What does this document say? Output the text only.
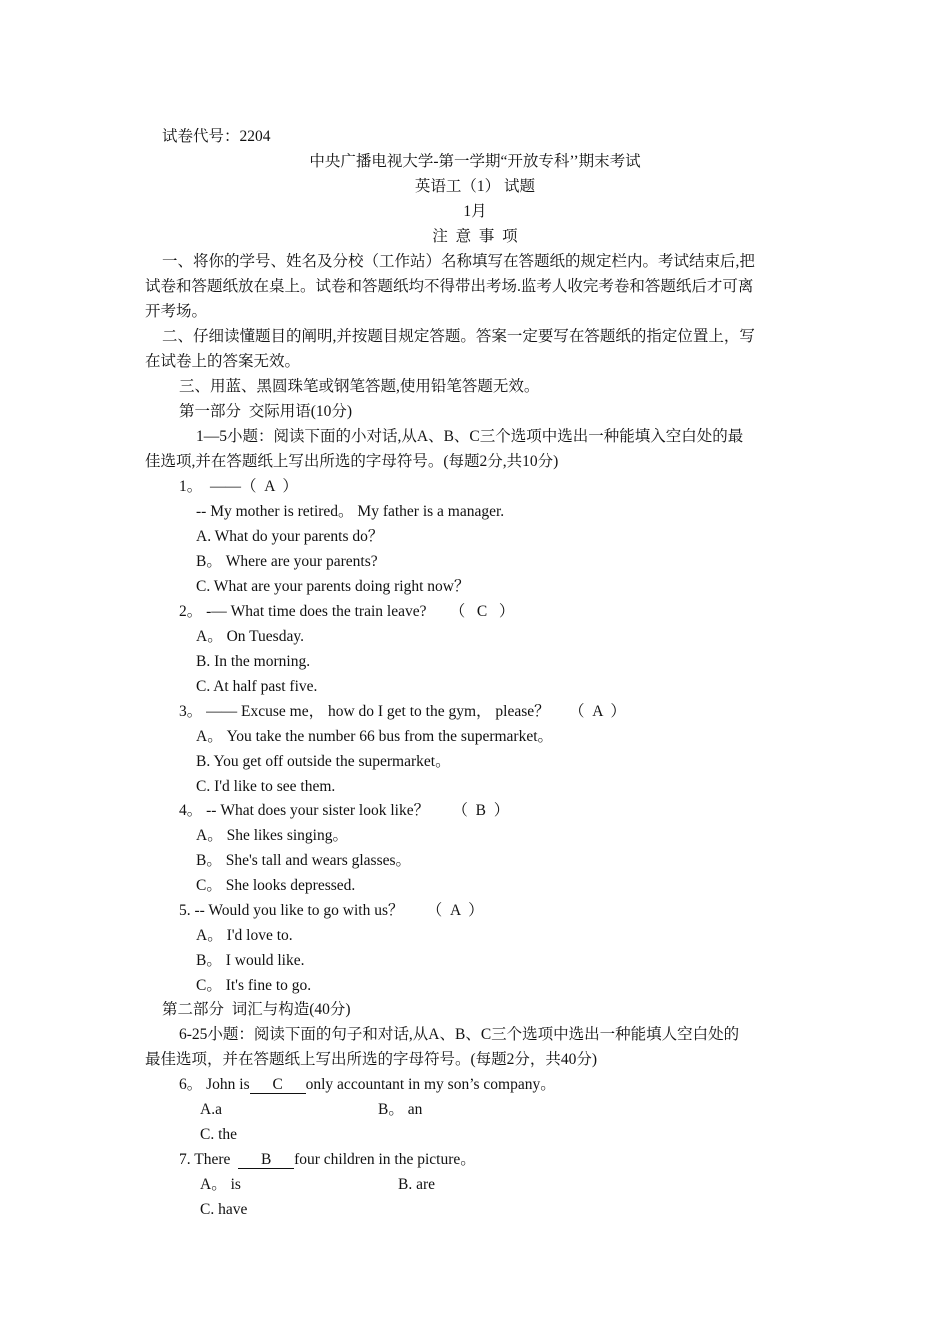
试卷代号：2204
中央广播电视大学-第一学期“开放专科’’期末考试
英语工（1） 试题
1月
注  意  事  项
一、将你的学号、姓名及分校（工作站）名称填写在答题纸的规定栏内。考试结束后,把
试卷和答题纸放在桌上。试卷和答题纸均不得带出考场.监考人收完考卷和答题纸后才可离
开考场。
二、仔细读懂题目的阐明,并按题目规定答题。答案一定要写在答题纸的指定位置上，写
在试卷上的答案无效。
三、用蓝、黑圆珠笔或钢笔答题,使用铅笔答题无效。
第一部分  交际用语(10分)
1—5小题：阅读下面的小对话,从A、B、C三个选项中选出一种能填入空白处的最
佳选项,并在答题纸上写出所选的字母符号。(每题2分,共10分)
1。  ——（  A  ）
-- My mother is retired。 My father is a manager.
A. What do your parents do？
B。 Where are your parents?
C. What are your parents doing right now？
2。 -— What time does the train leave?      （   C   ）
A。 On Tuesday.
B. In the morning.
C. At half past five.
3。 —— Excuse me， how do I get to the gym， please？     （  A  ）
A。 You take the number 66 bus from the supermarket。
B. You get off outside the supermarket。
C. I'd like to see them.
4。 -- What does your sister look like？      （  B  ）
A。 She likes singing。
B。 She's tall and wears glasses。
C。 She looks depressed.
5. -- Would you like to go with us？      （  A  ）
A。 I'd love to.
B。 I would like.
C。 It's fine to go.
第二部分  词汇与构造(40分)
6-25小题：阅读下面的句子和对话,从A、B、C三个选项中选出一种能填人空白处的
最佳选项，并在答题纸上写出所选的字母符号。(每题2分，共40分)
6。 John is C only accountant in my son’s company。
A.a	B。 an
C. the
7. There  B four children in the picture。
A。 is	B. are
C. have
